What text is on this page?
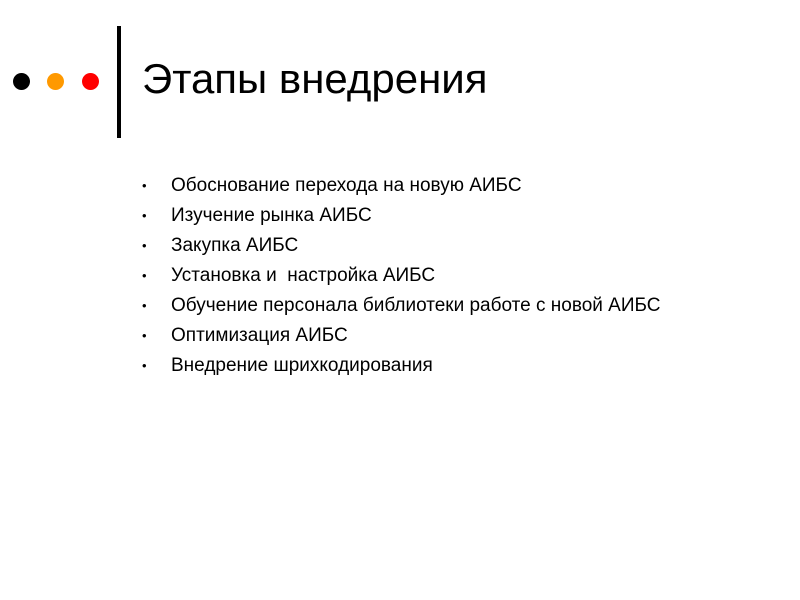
Этапы внедрения
• Обоснование перехода на новую АИБС
• Изучение рынка АИБС
• Закупка АИБС
• Установка и  настройка АИБС
• Обучение персонала библиотеки работе с новой АИБС
• Оптимизация АИБС
• Внедрение шрихкодирования
